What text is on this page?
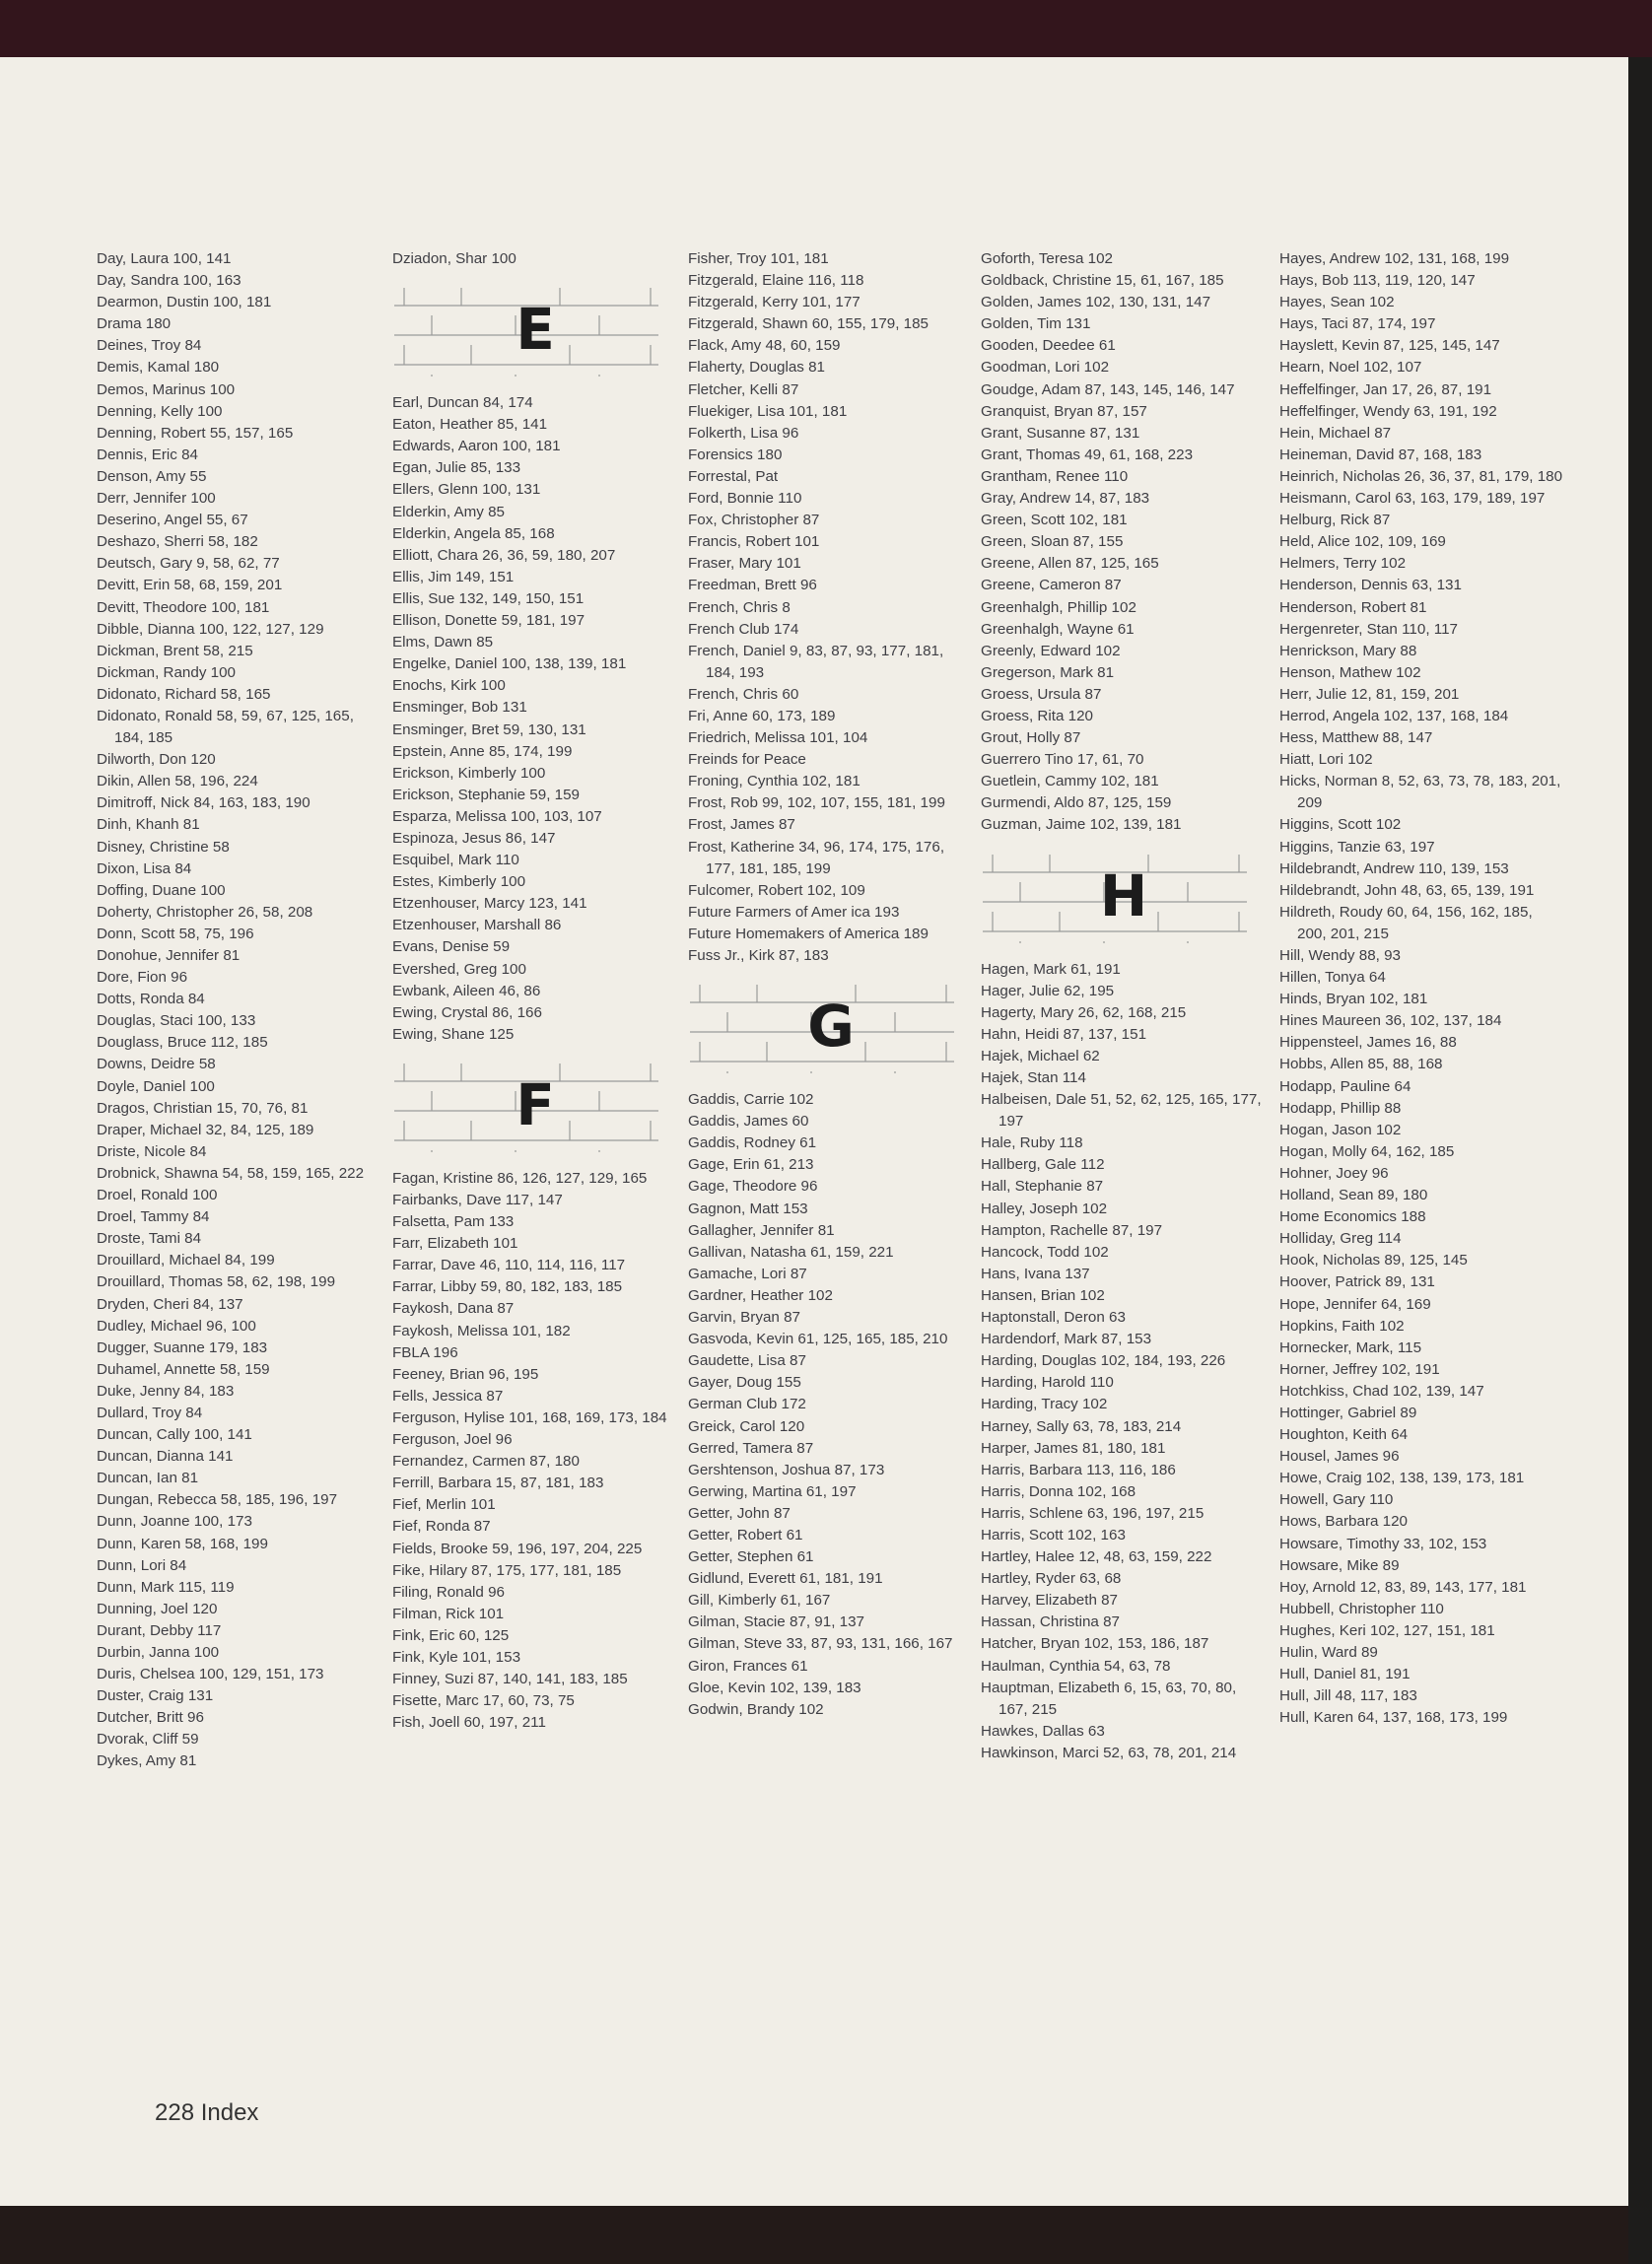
Day, Laura 100, 141
Day, Sandra 100, 163
Dearmon, Dustin 100, 181
Drama 180
Deines, Troy 84
Demis, Kamal 180
Demos, Marinus 100
Denning, Kelly 100
Denning, Robert 55, 157, 165
Dennis, Eric 84
Denson, Amy 55
Derr, Jennifer 100
Deserino, Angel 55, 67
Deshazo, Sherri 58, 182
Deutsch, Gary 9, 58, 62, 77
Devitt, Erin 58, 68, 159, 201
Devitt, Theodore 100, 181
Dibble, Dianna 100, 122, 127, 129
Dickman, Brent 58, 215
Dickman, Randy 100
Didonato, Richard 58, 165
Didonato, Ronald 58, 59, 67, 125, 165, 184, 185
Dilworth, Don 120
Dikin, Allen 58, 196, 224
Dimitroff, Nick 84, 163, 183, 190
Dinh, Khanh 81
Disney, Christine 58
Dixon, Lisa 84
Doffing, Duane 100
Doherty, Christopher 26, 58, 208
Donn, Scott 58, 75, 196
Donohue, Jennifer 81
Dore, Fion 96
Dotts, Ronda 84
Douglas, Staci 100, 133
Douglass, Bruce 112, 185
Downs, Deidre 58
Doyle, Daniel 100
Dragos, Christian 15, 70, 76, 81
Draper, Michael 32, 84, 125, 189
Driste, Nicole 84
Drobnick, Shawna 54, 58, 159, 165, 222
Droel, Ronald 100
Droel, Tammy 84
Droste, Tami 84
Drouillard, Michael 84, 199
Drouillard, Thomas 58, 62, 198, 199
Dryden, Cheri 84, 137
Dudley, Michael 96, 100
Dugger, Suanne 179, 183
Duhamel, Annette 58, 159
Duke, Jenny 84, 183
Dullard, Troy 84
Duncan, Cally 100, 141
Duncan, Dianna 141
Duncan, Ian 81
Dungan, Rebecca 58, 185, 196, 197
Dunn, Joanne 100, 173
Dunn, Karen 58, 168, 199
Dunn, Lori 84
Dunn, Mark 115, 119
Dunning, Joel 120
Durant, Debby 117
Durbin, Janna 100
Duris, Chelsea 100, 129, 151, 173
Duster, Craig 131
Dutcher, Britt 96
Dvorak, Cliff 59
Dykes, Amy 81
Dziadon, Shar 100
E
Earl, Duncan 84, 174
Eaton, Heather 85, 141
Edwards, Aaron 100, 181
Egan, Julie 85, 133
Ellers, Glenn 100, 131
Elderkin, Amy 85
Elderkin, Angela 85, 168
Elliott, Chara 26, 36, 59, 180, 207
Ellis, Jim 149, 151
Ellis, Sue 132, 149, 150, 151
Ellison, Donette 59, 181, 197
Elms, Dawn 85
Engelke, Daniel 100, 138, 139, 181
Enochs, Kirk 100
Ensminger, Bob 131
Ensminger, Bret 59, 130, 131
Epstein, Anne 85, 174, 199
Erickson, Kimberly 100
Erickson, Stephanie 59, 159
Esparza, Melissa 100, 103, 107
Espinoza, Jesus 86, 147
Esquibel, Mark 110
Estes, Kimberly 100
Etzenhouser, Marcy 123, 141
Etzenhouser, Marshall 86
Evans, Denise 59
Evershed, Greg 100
Ewbank, Aileen 46, 86
Ewing, Crystal 86, 166
Ewing, Shane 125
F
Fagan, Kristine 86, 126, 127, 129, 165
Fairbanks, Dave 117, 147
Falsetta, Pam 133
Farr, Elizabeth 101
Farrar, Dave 46, 110, 114, 116, 117
Farrar, Libby 59, 80, 182, 183, 185
Faykosh, Dana 87
Faykosh, Melissa 101, 182
FBLA 196
Feeney, Brian 96, 195
Fells, Jessica 87
Ferguson, Hylise 101, 168, 169, 173, 184
Ferguson, Joel 96
Fernandez, Carmen 87, 180
Ferrill, Barbara 15, 87, 181, 183
Fief, Merlin 101
Fief, Ronda 87
Fields, Brooke 59, 196, 197, 204, 225
Fike, Hilary 87, 175, 177, 181, 185
Filing, Ronald 96
Filman, Rick 101
Fink, Eric 60, 125
Fink, Kyle 101, 153
Finney, Suzi 87, 140, 141, 183, 185
Fisette, Marc 17, 60, 73, 75
Fish, Joell 60, 197, 211
Fisher, Troy 101, 181
Fitzgerald, Elaine 116, 118
Fitzgerald, Kerry 101, 177
Fitzgerald, Shawn 60, 155, 179, 185
Flack, Amy 48, 60, 159
Flaherty, Douglas 81
Fletcher, Kelli 87
Fluekiger, Lisa 101, 181
Folkerth, Lisa 96
Forensics 180
Forrestal, Pat
Ford, Bonnie 110
Fox, Christopher 87
Francis, Robert 101
Fraser, Mary 101
Freedman, Brett 96
French, Chris 8
French Club 174
French, Daniel 9, 83, 87, 93, 177, 181, 184, 193
French, Chris 60
Fri, Anne 60, 173, 189
Friedrich, Melissa 101, 104
Freinds for Peace
Froning, Cynthia 102, 181
Frost, Rob 99, 102, 107, 155, 181, 199
Frost, James 87
Frost, Katherine 34, 96, 174, 175, 176, 177, 181, 185, 199
Fulcomer, Robert 102, 109
Future Farmers of Amer ica 193
Future Homemakers of America 189
Fuss Jr., Kirk 87, 183
G
Gaddis, Carrie 102
Gaddis, James 60
Gaddis, Rodney 61
Gage, Erin 61, 213
Gage, Theodore 96
Gagnon, Matt 153
Gallagher, Jennifer 81
Gallivan, Natasha 61, 159, 221
Gamache, Lori 87
Gardner, Heather 102
Garvin, Bryan 87
Gasvoda, Kevin 61, 125, 165, 185, 210
Gaudette, Lisa 87
Gayer, Doug 155
German Club 172
Greick, Carol 120
Gerred, Tamera 87
Gershtenson, Joshua 87, 173
Gerwing, Martina 61, 197
Getter, John 87
Getter, Robert 61
Getter, Stephen 61
Gidlund, Everett 61, 181, 191
Gill, Kimberly 61, 167
Gilman, Stacie 87, 91, 137
Gilman, Steve 33, 87, 93, 131, 166, 167
Giron, Frances 61
Gloe, Kevin 102, 139, 183
Godwin, Brandy 102
Goforth, Teresa 102
Goldback, Christine 15, 61, 167, 185
Golden, James 102, 130, 131, 147
Golden, Tim 131
Gooden, Deedee 61
Goodman, Lori 102
Goudge, Adam 87, 143, 145, 146, 147
Granquist, Bryan 87, 157
Grant, Susanne 87, 131
Grant, Thomas 49, 61, 168, 223
Grantham, Renee 110
Gray, Andrew 14, 87, 183
Green, Scott 102, 181
Green, Sloan 87, 155
Greene, Allen 87, 125, 165
Greene, Cameron 87
Greenhalgh, Phillip 102
Greenhalgh, Wayne 61
Greenly, Edward 102
Gregerson, Mark 81
Groess, Ursula 87
Groess, Rita 120
Grout, Holly 87
Guerrero Tino 17, 61, 70
Guetlein, Cammy 102, 181
Gurmendi, Aldo 87, 125, 159
Guzman, Jaime 102, 139, 181
H
Hagen, Mark 61, 191
Hager, Julie 62, 195
Hagerty, Mary 26, 62, 168, 215
Hahn, Heidi 87, 137, 151
Hajek, Michael 62
Hajek, Stan 114
Halbeisen, Dale 51, 52, 62, 125, 165, 177, 197
Hale, Ruby 118
Hallberg, Gale 112
Hall, Stephanie 87
Halley, Joseph 102
Hampton, Rachelle 87, 197
Hancock, Todd 102
Hans, Ivana 137
Hansen, Brian 102
Haptonstall, Deron 63
Hardendorf, Mark 87, 153
Harding, Douglas 102, 184, 193, 226
Harding, Harold 110
Harding, Tracy 102
Harney, Sally 63, 78, 183, 214
Harper, James 81, 180, 181
Harris, Barbara 113, 116, 186
Harris, Donna 102, 168
Harris, Schlene 63, 196, 197, 215
Harris, Scott 102, 163
Hartley, Halee 12, 48, 63, 159, 222
Hartley, Ryder 63, 68
Harvey, Elizabeth 87
Hassan, Christina 87
Hatcher, Bryan 102, 153, 186, 187
Haulman, Cynthia 54, 63, 78
Hauptman, Elizabeth 6, 15, 63, 70, 80, 167, 215
Hawkes, Dallas 63
Hawkinson, Marci 52, 63, 78, 201, 214
Hayes, Andrew 102, 131, 168, 199
Hays, Bob 113, 119, 120, 147
Hayes, Sean 102
Hays, Taci 87, 174, 197
Hayslett, Kevin 87, 125, 145, 147
Hearn, Noel 102, 107
Heffelfinger, Jan 17, 26, 87, 191
Heffelfinger, Wendy 63, 191, 192
Hein, Michael 87
Heineman, David 87, 168, 183
Heinrich, Nicholas 26, 36, 37, 81, 179, 180
Heismann, Carol 63, 163, 179, 189, 197
Helburg, Rick 87
Held, Alice 102, 109, 169
Helmers, Terry 102
Henderson, Dennis 63, 131
Henderson, Robert 81
Hergenreter, Stan 110, 117
Henrickson, Mary 88
Henson, Mathew 102
Herr, Julie 12, 81, 159, 201
Herrod, Angela 102, 137, 168, 184
Hess, Matthew 88, 147
Hiatt, Lori 102
Hicks, Norman 8, 52, 63, 73, 78, 183, 201, 209
Higgins, Scott 102
Higgins, Tanzie 63, 197
Hildebrandt, Andrew 110, 139, 153
Hildebrandt, John 48, 63, 65, 139, 191
Hildreth, Roudy 60, 64, 156, 162, 185, 200, 201, 215
Hill, Wendy 88, 93
Hillen, Tonya 64
Hinds, Bryan 102, 181
Hines Maureen 36, 102, 137, 184
Hippensteel, James 16, 88
Hobbs, Allen 85, 88, 168
Hodapp, Pauline 64
Hodapp, Phillip 88
Hogan, Jason 102
Hogan, Molly 64, 162, 185
Hohner, Joey 96
Holland, Sean 89, 180
Home Economics 188
Holliday, Greg 114
Hook, Nicholas 89, 125, 145
Hoover, Patrick 89, 131
Hope, Jennifer 64, 169
Hopkins, Faith 102
Hornecker, Mark, 115
Horner, Jeffrey 102, 191
Hotchkiss, Chad 102, 139, 147
Hottinger, Gabriel 89
Houghton, Keith 64
Housel, James 96
Howe, Craig 102, 138, 139, 173, 181
Howell, Gary 110
Hows, Barbara 120
Howsare, Timothy 33, 102, 153
Howsare, Mike 89
Hoy, Arnold 12, 83, 89, 143, 177, 181
Hubbell, Christopher 110
Hughes, Keri 102, 127, 151, 181
Hulin, Ward 89
Hull, Daniel 81, 191
Hull, Jill 48, 117, 183
Hull, Karen 64, 137, 168, 173, 199
228 Index
